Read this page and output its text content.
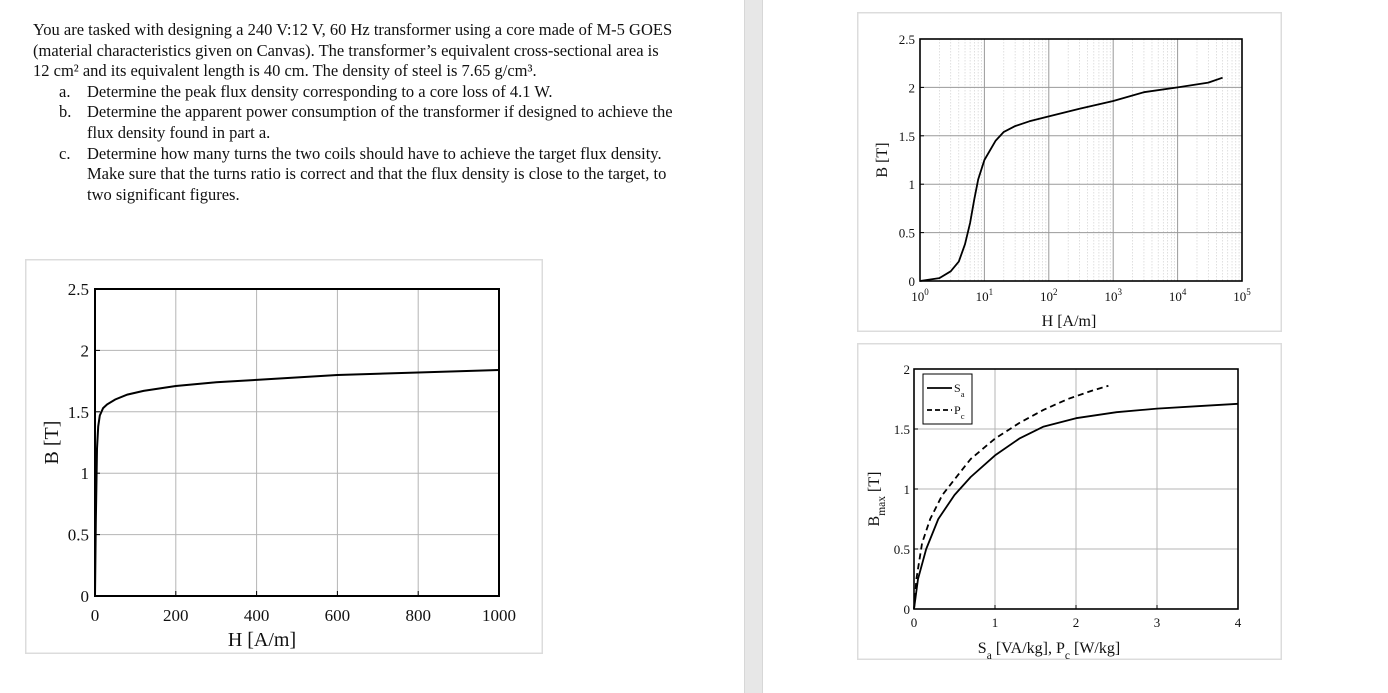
You are tasked with designing a 240 V:12 V, 60 Hz transformer using a core made of M-5 GOES (material characteristics given on Canvas). The transformer’s equivalent cross-sectional area is 12 cm² and its equivalent length is 40 cm. The density of steel is 7.65 g/cm³.

a. Determine the peak flux density corresponding to a core loss of 4.1 W.
b. Determine the apparent power consumption of the transformer if designed to achieve the flux density found in part a.
c. Determine how many turns the two coils should have to achieve the target flux density. Make sure that the turns ratio is correct and that the flux density is close to the target, to two significant figures.
0	200	400	600	800	1000
0
0.5
1
1.5
2
2.5
H [A/m]
B [T]
$10^0$	$10^1$	$10^2$	$10^3$	$10^4$	$10^5$
0
0.5
1
1.5
2
2.5
H [A/m]
B [T]
0	1	2	3	4
0
0.5
1
1.5
2
$S_a$
$P_c$
$S_a$ [VA/kg], $P_c$ [W/kg]
$B_{max}$ [T]
